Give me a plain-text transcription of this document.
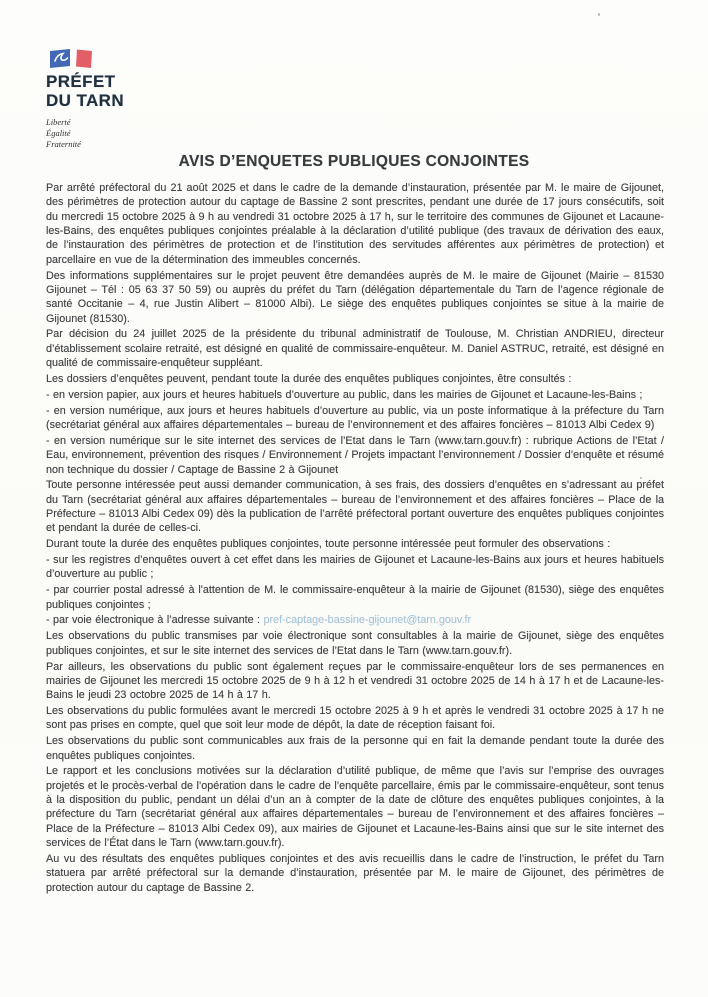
PRÉFET
DU TARN
Liberté
Égalité
Fraternité
AVIS D’ENQUETES PUBLIQUES CONJOINTES

Par arrêté préfectoral du 21 août 2025 et dans le cadre de la demande d’instauration, présentée par M. le maire de Gijounet, des périmètres de protection autour du captage de Bassine 2 sont prescrites, pendant une durée de 17 jours consécutifs, soit du mercredi 15 octobre 2025 à 9 h au vendredi 31 octobre 2025 à 17 h, sur le territoire des communes de Gijounet et Lacaune-les-Bains, des enquêtes publiques conjointes préalable à la déclaration d’utilité publique (des travaux de dérivation des eaux, de l’instauration des périmètres de protection et de l’institution des servitudes afférentes aux périmètres de protection) et parcellaire en vue de la détermination des immeubles concernés.

Des informations supplémentaires sur le projet peuvent être demandées auprès de M. le maire de Gijounet (Mairie – 81530 Gijounet – Tél : 05 63 37 50 59) ou auprès du préfet du Tarn (délégation départementale du Tarn de l’agence régionale de santé Occitanie – 4, rue Justin Alibert – 81000 Albi). Le siège des enquêtes publiques conjointes se situe à la mairie de Gijounet (81530).

Par décision du 24 juillet 2025 de la présidente du tribunal administratif de Toulouse, M. Christian ANDRIEU, directeur d’établissement scolaire retraité, est désigné en qualité de commissaire-enquêteur. M. Daniel ASTRUC, retraité, est désigné en qualité de commissaire-enquêteur suppléant.

Les dossiers d’enquêtes peuvent, pendant toute la durée des enquêtes publiques conjointes, être consultés :

- en version papier, aux jours et heures habituels d’ouverture au public, dans les mairies de Gijounet et Lacaune-les-Bains ;

- en version numérique, aux jours et heures habituels d’ouverture au public, via un poste informatique à la préfecture du Tarn (secrétariat général aux affaires départementales – bureau de l’environnement et des affaires foncières – 81013 Albi Cedex 9)

- en version numérique sur le site internet des services de l’Etat dans le Tarn (www.tarn.gouv.fr) : rubrique Actions de l’Etat / Eau, environnement, prévention des risques / Environnement / Projets impactant l’environnement / Dossier d’enquête et résumé non technique du dossier / Captage de Bassine 2 à Gijounet

Toute personne intéressée peut aussi demander communication, à ses frais, des dossiers d’enquêtes en s’adressant au préfet du Tarn (secrétariat général aux affaires départementales – bureau de l’environnement et des affaires foncières – Place de la Préfecture – 81013 Albi Cedex 09) dès la publication de l’arrêté préfectoral portant ouverture des enquêtes publiques conjointes et pendant la durée de celles-ci.

Durant toute la durée des enquêtes publiques conjointes, toute personne intéressée peut formuler des observations :

- sur les registres d’enquêtes ouvert à cet effet dans les mairies de Gijounet et Lacaune-les-Bains aux jours et heures habituels d’ouverture au public ;

- par courrier postal adressé à l'attention de M. le commissaire-enquêteur à la mairie de Gijounet (81530), siège des enquêtes publiques conjointes ;

- par voie électronique à l’adresse suivante : pref-captage-bassine-gijounet@tarn.gouv.fr

Les observations du public transmises par voie électronique sont consultables à la mairie de Gijounet, siège des enquêtes publiques conjointes, et sur le site internet des services de l’Etat dans le Tarn (www.tarn.gouv.fr).

Par ailleurs, les observations du public sont également reçues par le commissaire-enquêteur lors de ses permanences en mairies de Gijounet les mercredi 15 octobre 2025 de 9 h à 12 h et vendredi 31 octobre 2025 de 14 h à 17 h et de Lacaune-les-Bains le jeudi 23 octobre 2025 de 14 h à 17 h.

Les observations du public formulées avant le mercredi 15 octobre 2025 à 9 h et après le vendredi 31 octobre 2025 à 17 h ne sont pas prises en compte, quel que soit leur mode de dépôt, la date de réception faisant foi.

Les observations du public sont communicables aux frais de la personne qui en fait la demande pendant toute la durée des enquêtes publiques conjointes.

Le rapport et les conclusions motivées sur la déclaration d’utilité publique, de même que l’avis sur l’emprise des ouvrages projetés et le procès-verbal de l’opération dans le cadre de l’enquête parcellaire, émis par le commissaire-enquêteur, sont tenus à la disposition du public, pendant un délai d’un an à compter de la date de clôture des enquêtes publiques conjointes, à la préfecture du Tarn (secrétariat général aux affaires départementales – bureau de l’environnement et des affaires foncières – Place de la Préfecture – 81013 Albi Cedex 09), aux mairies de Gijounet et Lacaune-les-Bains ainsi que sur le site internet des services de l’État dans le Tarn (www.tarn.gouv.fr).

Au vu des résultats des enquêtes publiques conjointes et des avis recueillis dans le cadre de l’instruction, le préfet du Tarn statuera par arrêté préfectoral sur la demande d’instauration, présentée par M. le maire de Gijounet, des périmètres de protection autour du captage de Bassine 2.
